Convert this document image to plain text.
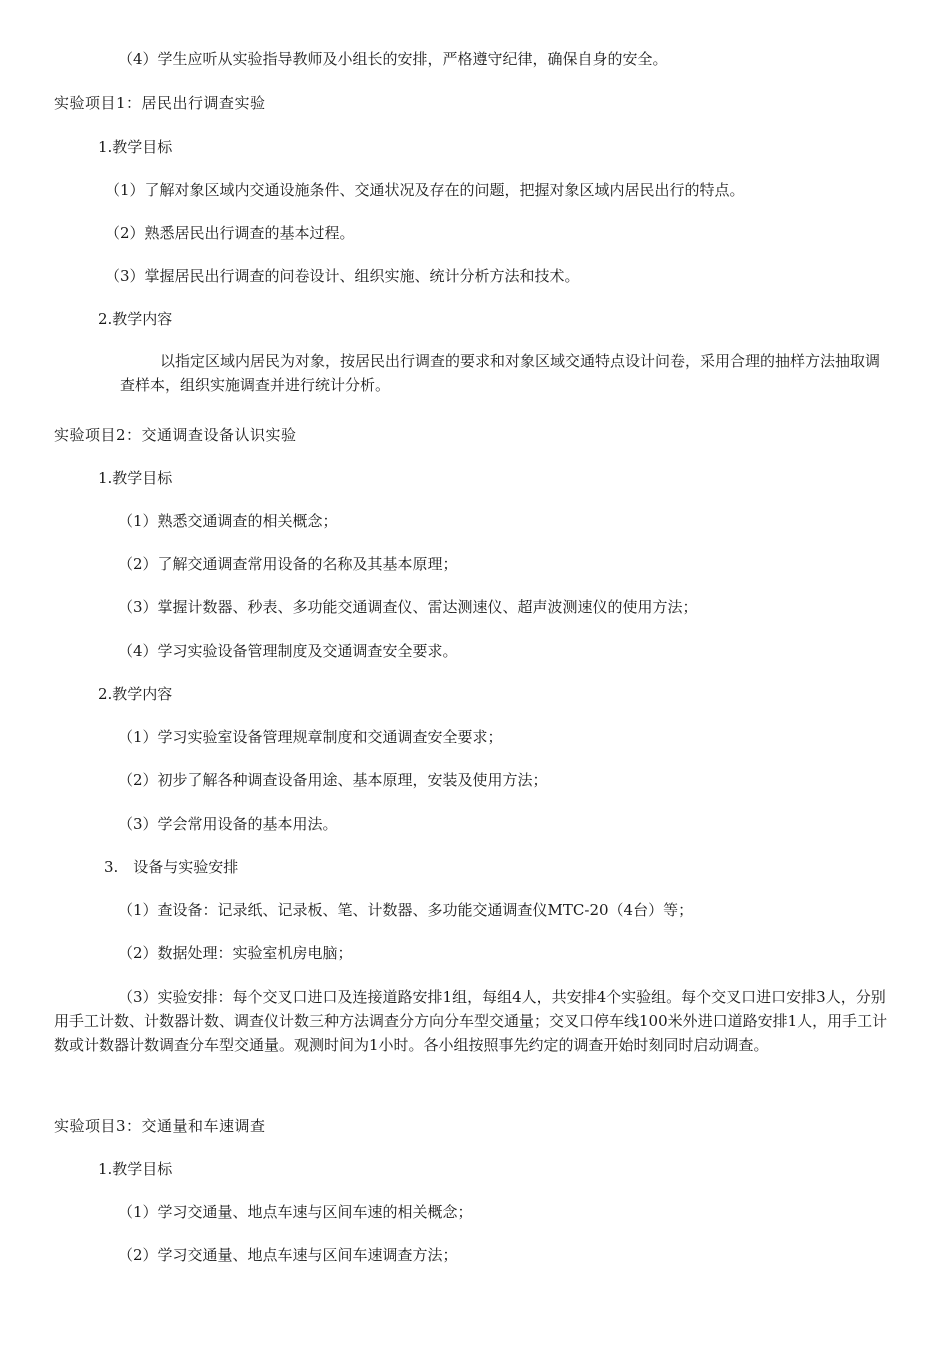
（4）学生应听从实验指导教师及小组长的安排，严格遵守纪律，确保自身的安全。
实验项目1：居民出行调查实验
1.教学目标
（1）了解对象区域内交通设施条件、交通状况及存在的问题，把握对象区域内居民出行的特点。
（2）熟悉居民出行调查的基本过程。
（3）掌握居民出行调查的问卷设计、组织实施、统计分析方法和技术。
2.教学内容
以指定区域内居民为对象，按居民出行调查的要求和对象区域交通特点设计问卷，采用合理的抽样方法抽取调查样本，组织实施调查并进行统计分析。
实验项目2：交通调查设备认识实验
1.教学目标
（1）熟悉交通调查的相关概念；
（2）了解交通调查常用设备的名称及其基本原理；
（3）掌握计数器、秒表、多功能交通调查仪、雷达测速仪、超声波测速仪的使用方法；
（4）学习实验设备管理制度及交通调查安全要求。
2.教学内容
（1）学习实验室设备管理规章制度和交通调查安全要求；
（2）初步了解各种调查设备用途、基本原理，安装及使用方法；
（3）学会常用设备的基本用法。
3.　设备与实验安排
（1）查设备：记录纸、记录板、笔、计数器、多功能交通调查仪MTC-20（4台）等；
（2）数据处理：实验室机房电脑；
（3）实验安排：每个交叉口进口及连接道路安排1组，每组4人，共安排4个实验组。每个交叉口进口安排3人，分别用手工计数、计数器计数、调查仪计数三种方法调查分方向分车型交通量；交叉口停车线100米外进口道路安排1人，用手工计数或计数器计数调查分车型交通量。观测时间为1小时。各小组按照事先约定的调查开始时刻同时启动调查。
实验项目3：交通量和车速调查
1.教学目标
（1）学习交通量、地点车速与区间车速的相关概念；
（2）学习交通量、地点车速与区间车速调查方法；
